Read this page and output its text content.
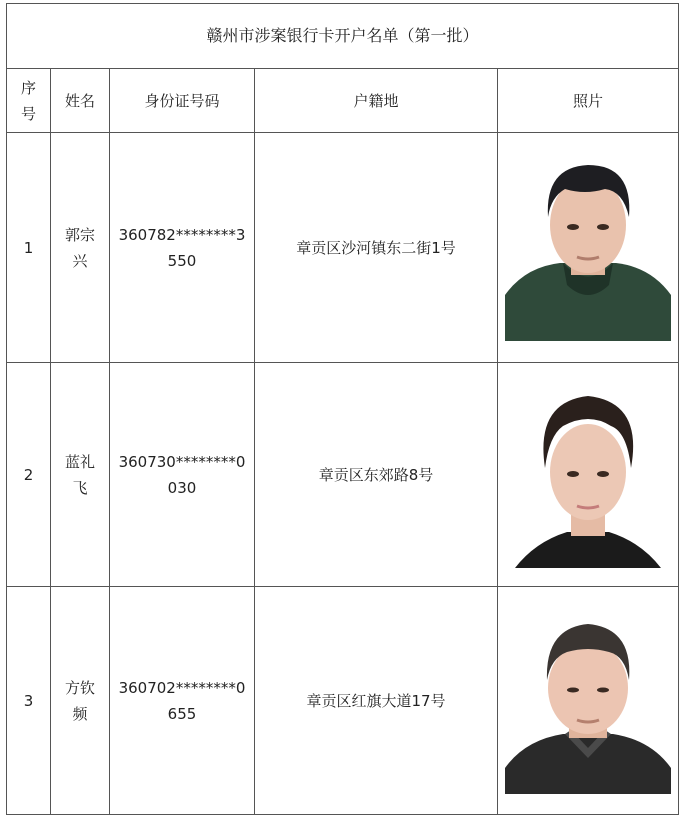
赣州市涉案银行卡开户名单（第一批）				
序号	姓名	身份证号码	户籍地	照片
1	郭宗兴	360782********3550	章贡区沙河镇东二街1号	

2	蓝礼飞	360730********0030	章贡区东郊路8号	

3	方钦频	360702********0655	章贡区红旗大道17号	
